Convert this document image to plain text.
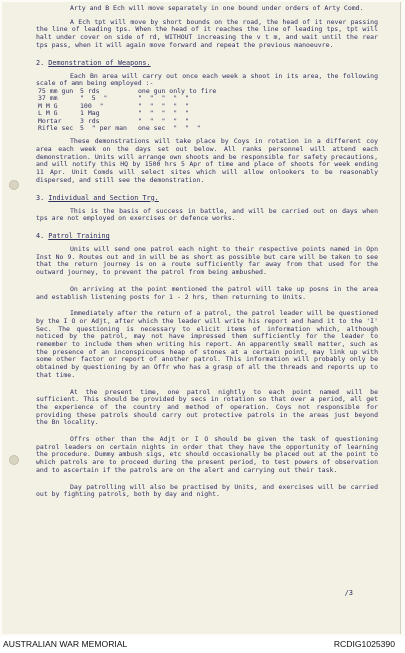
Arty and B Ech will move separately in one bound under orders of Arty Comd.

A Ech tpt will move by short bounds on the road, the head of it never passing the line of leading tps. When the head of it reaches the line of leading tps, tpt will halt under cover on side of rd, WITHOUT increasing the v t m, and wait until the rear tps pass, when it will again move forward and repeat the previous manoeuvre.

2. Demonstration of Weapons.

Each Bn area will carry out once each week a shoot in its area, the following scale of amn being employed :-

75 mm gun	5 rds	one gun only to fire
37 mm	"  5  "	"  "  "  "  "
M M G	100  "	"  "  "  "  "
L M G	1 Mag	"  "  "  "  "
Mortar	3 rds	"  "  "  "  "
Rifle sec	5  " per man	one sec  "  "  "

These demonstrations will take place by Coys in rotation in a different coy area each week on the days set out below. All ranks personnel will attend each demonstration. Units will arrange own shoots and be responsible for safety precautions, and will notify this HQ by 1500 hrs 5 Apr of time and place of shoots for week ending 11 Apr. Unit Comds will select sites which will allow onlookers to be reasonably dispersed, and still see the demonstration.

3. Individual and Section Trg.

This is the basis of success in battle, and will be carried out on days when tps are not employed on exercises or defence works.

4. Patrol Training

Units will send one patrol each night to their respective points named in Opn Inst No 9. Routes out and in will be as short as possible but care will be taken to see that the return journey is on a route sufficiently far away from that used for the outward journey, to prevent the patrol from being ambushed.

On arriving at the point mentioned the patrol will take up posns in the area and establish listening posts for 1 - 2 hrs, then returning to Units.

Immediately after the return of a patrol, the patrol leader will be questioned by the I O or Adjt, after which the leader will write his report and hand it to the 'I' Sec. The questioning is necessary to elicit items of information which, although noticed by the patrol, may not have impressed them sufficiently for the leader to remember to include them when writing his report. An apparently small matter, such as the presence of an inconspicuous heap of stones at a certain point, may link up with some other factor or report of another patrol. This information will probably only be obtained by questioning by an Offr who has a grasp of all the threads and reports up to that time.

At the present time, one patrol nightly to each point named will be sufficient. This should be provided by secs in rotation so that over a period, all get the experience of the country and method of operation. Coys not responsible for providing these patrols should carry out protective patrols in the areas just beyond the Bn locality.

Offrs other than the Adjt or I O should be given the task of questioning patrol leaders on certain nights in order that they have the opportunity of learning the procedure. Dummy ambush sigs, etc should occasionally be placed out at the point to which patrols are to proceed during the present period, to test powers of observation and to ascertain if the patrols are on the alert and carrying out their task.

Day patrolling will also be practised by Units, and exercises will be carried out by fighting patrols, both by day and night.

/3
AUSTRALIAN WAR MEMORIAL	RCDIG1025390
